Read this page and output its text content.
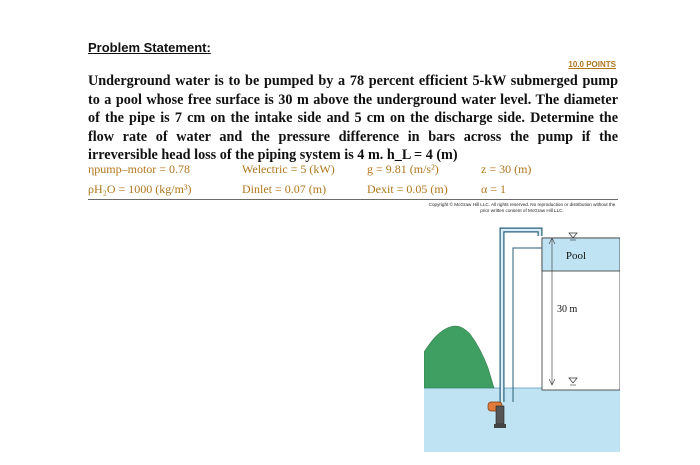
Problem Statement:
10.0 POINTS

Underground water is to be pumped by a 78 percent efficient 5-kW submerged pump to a pool whose free surface is 30 m above the underground water level. The diameter of the pipe is 7 cm on the intake side and 5 cm on the discharge side. Determine the flow rate of water and the pressure difference in bars across the pump if the irreversible head loss of the piping system is 4 m. h_L = 4 (m)

ηpump–motor = 0.78	Welectric = 5 (kW)	g = 9.81 (m/s²)	z = 30 (m)
ρH₂O = 1000 (kg/m³)	Dinlet = 0.07 (m)	Dexit = 0.05 (m)	α = 1
Copyright © McGraw Hill LLC. All rights reserved. No reproduction or distribution without the prior written consent of McGraw Hill LLC.
Pool
30 m
